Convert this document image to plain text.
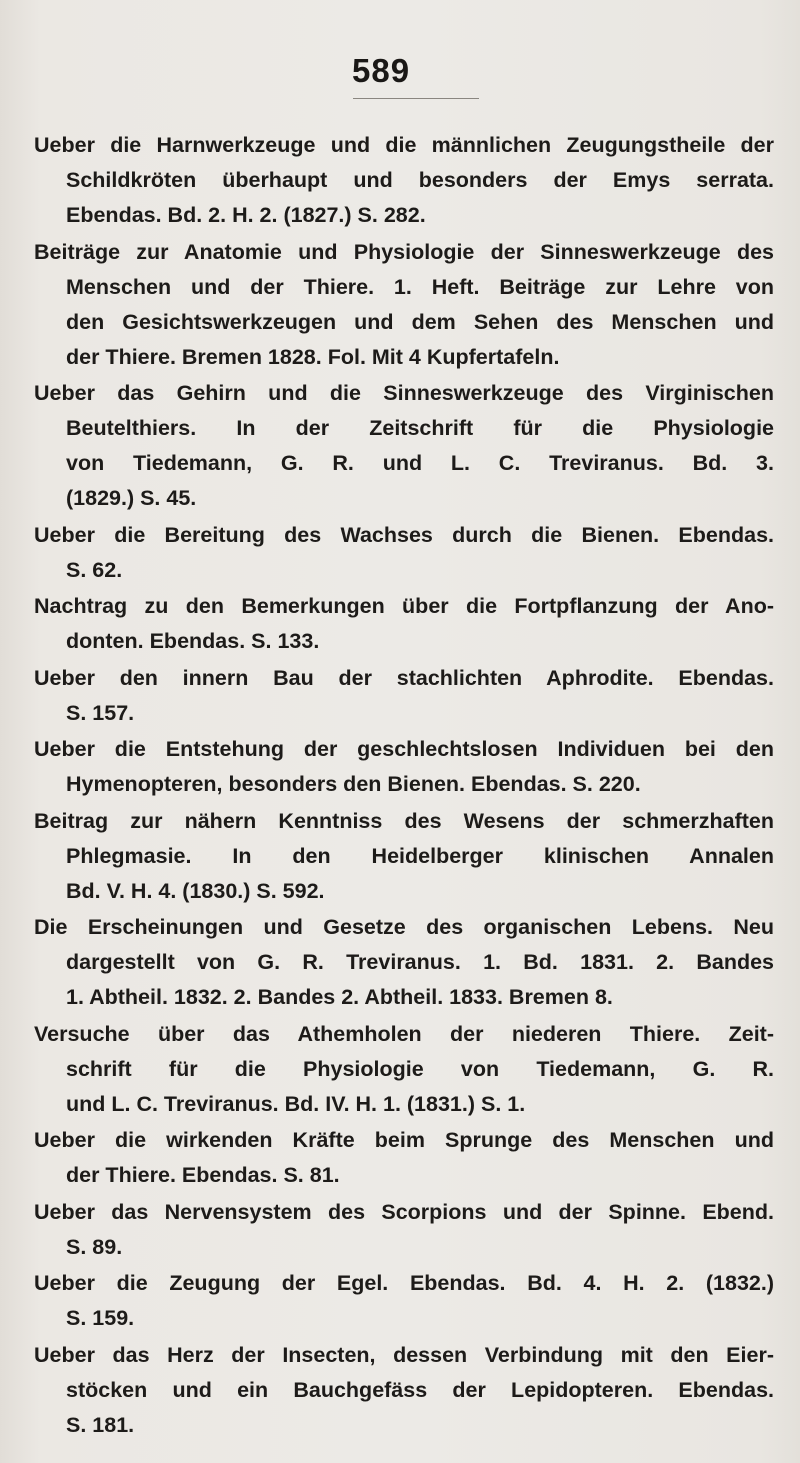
589
Ueber die Harnwerkzeuge und die männlichen Zeugungstheile der
Schildkröten überhaupt und besonders der Emys serrata.
Ebendas. Bd. 2. H. 2. (1827.) S. 282.
Beiträge zur Anatomie und Physiologie der Sinneswerkzeuge des
Menschen und der Thiere. 1. Heft. Beiträge zur Lehre von
den Gesichtswerkzeugen und dem Sehen des Menschen und
der Thiere. Bremen 1828. Fol. Mit 4 Kupfertafeln.
Ueber das Gehirn und die Sinneswerkzeuge des Virginischen
Beutelthiers. In der Zeitschrift für die Physiologie
von Tiedemann, G. R. und L. C. Treviranus. Bd. 3.
(1829.) S. 45.
Ueber die Bereitung des Wachses durch die Bienen. Ebendas.
S. 62.
Nachtrag zu den Bemerkungen über die Fortpflanzung der Ano-
donten. Ebendas. S. 133.
Ueber den innern Bau der stachlichten Aphrodite. Ebendas.
S. 157.
Ueber die Entstehung der geschlechtslosen Individuen bei den
Hymenopteren, besonders den Bienen. Ebendas. S. 220.
Beitrag zur nähern Kenntniss des Wesens der schmerzhaften
Phlegmasie. In den Heidelberger klinischen Annalen
Bd. V. H. 4. (1830.) S. 592.
Die Erscheinungen und Gesetze des organischen Lebens. Neu
dargestellt von G. R. Treviranus. 1. Bd. 1831. 2. Bandes
1. Abtheil. 1832. 2. Bandes 2. Abtheil. 1833. Bremen 8.
Versuche über das Athemholen der niederen Thiere. Zeit-
schrift für die Physiologie von Tiedemann, G. R.
und L. C. Treviranus. Bd. IV. H. 1. (1831.) S. 1.
Ueber die wirkenden Kräfte beim Sprunge des Menschen und
der Thiere. Ebendas. S. 81.
Ueber das Nervensystem des Scorpions und der Spinne. Ebend.
S. 89.
Ueber die Zeugung der Egel. Ebendas. Bd. 4. H. 2. (1832.)
S. 159.
Ueber das Herz der Insecten, dessen Verbindung mit den Eier-
stöcken und ein Bauchgefäss der Lepidopteren. Ebendas.
S. 181.
